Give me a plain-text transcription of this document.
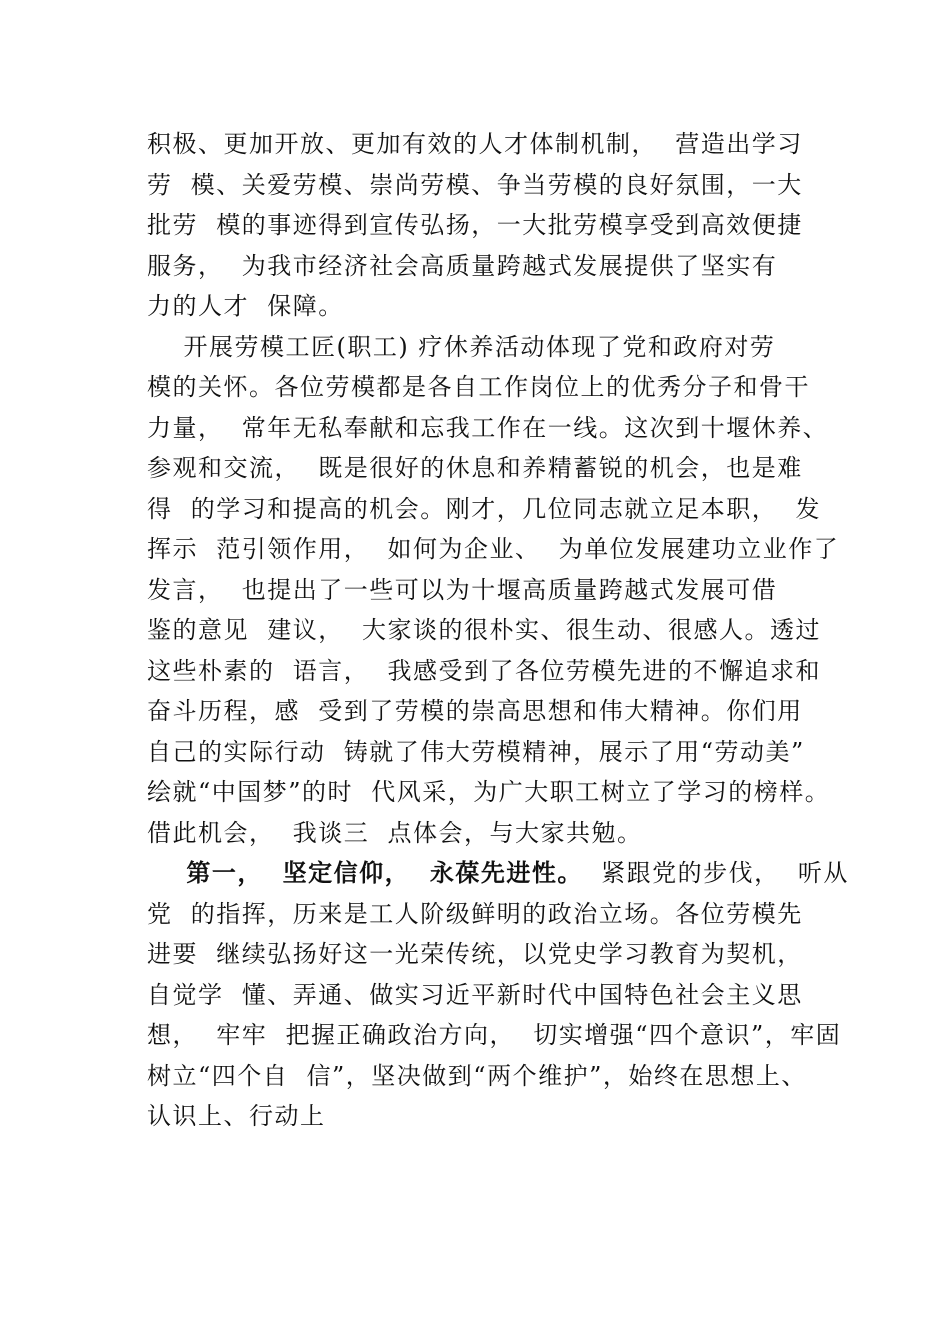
积极、更加开放、更加有效的人才体制机制，  营造出学习
劳  模、关爱劳模、崇尚劳模、争当劳模的良好氛围，一大
批劳  模的事迹得到宣传弘扬，一大批劳模享受到高效便捷
服务，  为我市经济社会高质量跨越式发展提供了坚实有
力的人才  保障。
开展劳模工匠(职工) 疗休养活动体现了党和政府对劳
模的关怀。各位劳模都是各自工作岗位上的优秀分子和骨干
力量，  常年无私奉献和忘我工作在一线。这次到十堰休养、
参观和交流，  既是很好的休息和养精蓄锐的机会，也是难
得  的学习和提高的机会。刚才，几位同志就立足本职，  发
挥示  范引领作用，  如何为企业、  为单位发展建功立业作了
发言，  也提出了一些可以为十堰高质量跨越式发展可借
鉴的意见  建议，  大家谈的很朴实、很生动、很感人。透过
这些朴素的  语言，  我感受到了各位劳模先进的不懈追求和
奋斗历程，感  受到了劳模的崇高思想和伟大精神。你们用
自己的实际行动  铸就了伟大劳模精神，展示了用“劳动美”
绘就“中国梦”的时  代风采，为广大职工树立了学习的榜样。
借此机会，  我谈三  点体会，与大家共勉。
第一，  坚定信仰，  永葆先进性。  紧跟党的步伐，  听从
党  的指挥，历来是工人阶级鲜明的政治立场。各位劳模先
进要  继续弘扬好这一光荣传统，以党史学习教育为契机，
自觉学  懂、弄通、做实习近平新时代中国特色社会主义思
想，  牢牢  把握正确政治方向，  切实增强“四个意识”，牢固
树立“四个自  信”，坚决做到“两个维护”，始终在思想上、
认识上、行动上
